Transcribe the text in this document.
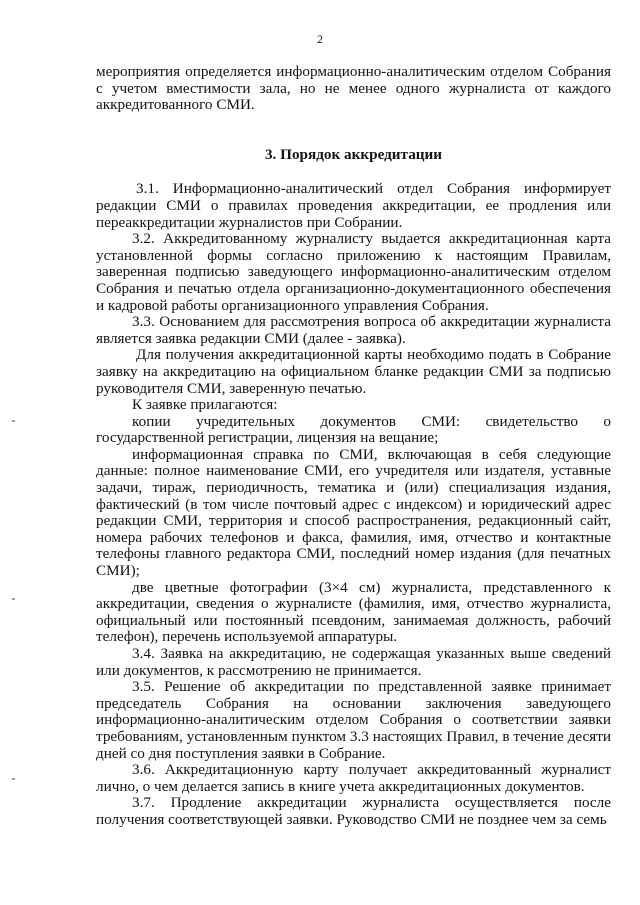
2

мероприятия определяется информационно-аналитическим отделом Собрания с учетом вместимости зала, но не менее одного журналиста от каждого аккредитованного СМИ.

3. Порядок аккредитации

3.1. Информационно-аналитический отдел Собрания информирует редакции СМИ о правилах проведения аккредитации, ее продления или переаккредитации журналистов при Собрании.

3.2. Аккредитованному журналисту выдается аккредитационная карта установленной формы согласно приложению к настоящим Правилам, заверенная подписью заведующего информационно-аналитическим отделом Собрания и печатью отдела организационно-документационного обеспечения и кадровой работы организационного управления Собрания.

3.3. Основанием для рассмотрения вопроса об аккредитации журналиста является заявка редакции СМИ (далее - заявка).

Для получения аккредитационной карты необходимо подать в Собрание заявку на аккредитацию на официальном бланке редакции СМИ за подписью руководителя СМИ, заверенную печатью.

К заявке прилагаются:

копии учредительных документов СМИ: свидетельство о государственной регистрации, лицензия на вещание;

информационная справка по СМИ, включающая в себя следующие данные: полное наименование СМИ, его учредителя или издателя, уставные задачи, тираж, периодичность, тематика и (или) специализация издания, фактический (в том числе почтовый адрес с индексом) и юридический адрес редакции СМИ, территория и способ распространения, редакционный сайт, номера рабочих телефонов и факса, фамилия, имя, отчество и контактные телефоны главного редактора СМИ, последний номер издания (для печатных СМИ);

две цветные фотографии (3×4 см) журналиста, представленного к аккредитации, сведения о журналисте (фамилия, имя, отчество журналиста, официальный или постоянный псевдоним, занимаемая должность, рабочий телефон), перечень используемой аппаратуры.

3.4. Заявка на аккредитацию, не содержащая указанных выше сведений или документов, к рассмотрению не принимается.

3.5. Решение об аккредитации по представленной заявке принимает председатель Собрания на основании заключения заведующего информационно-аналитическим отделом Собрания о соответствии заявки требованиям, установленным пунктом 3.3 настоящих Правил, в течение десяти дней со дня поступления заявки в Собрание.

3.6. Аккредитационную карту получает аккредитованный журналист лично, о чем делается запись в книге учета аккредитационных документов.

3.7. Продление аккредитации журналиста осуществляется после получения соответствующей заявки. Руководство СМИ не позднее чем за семь
